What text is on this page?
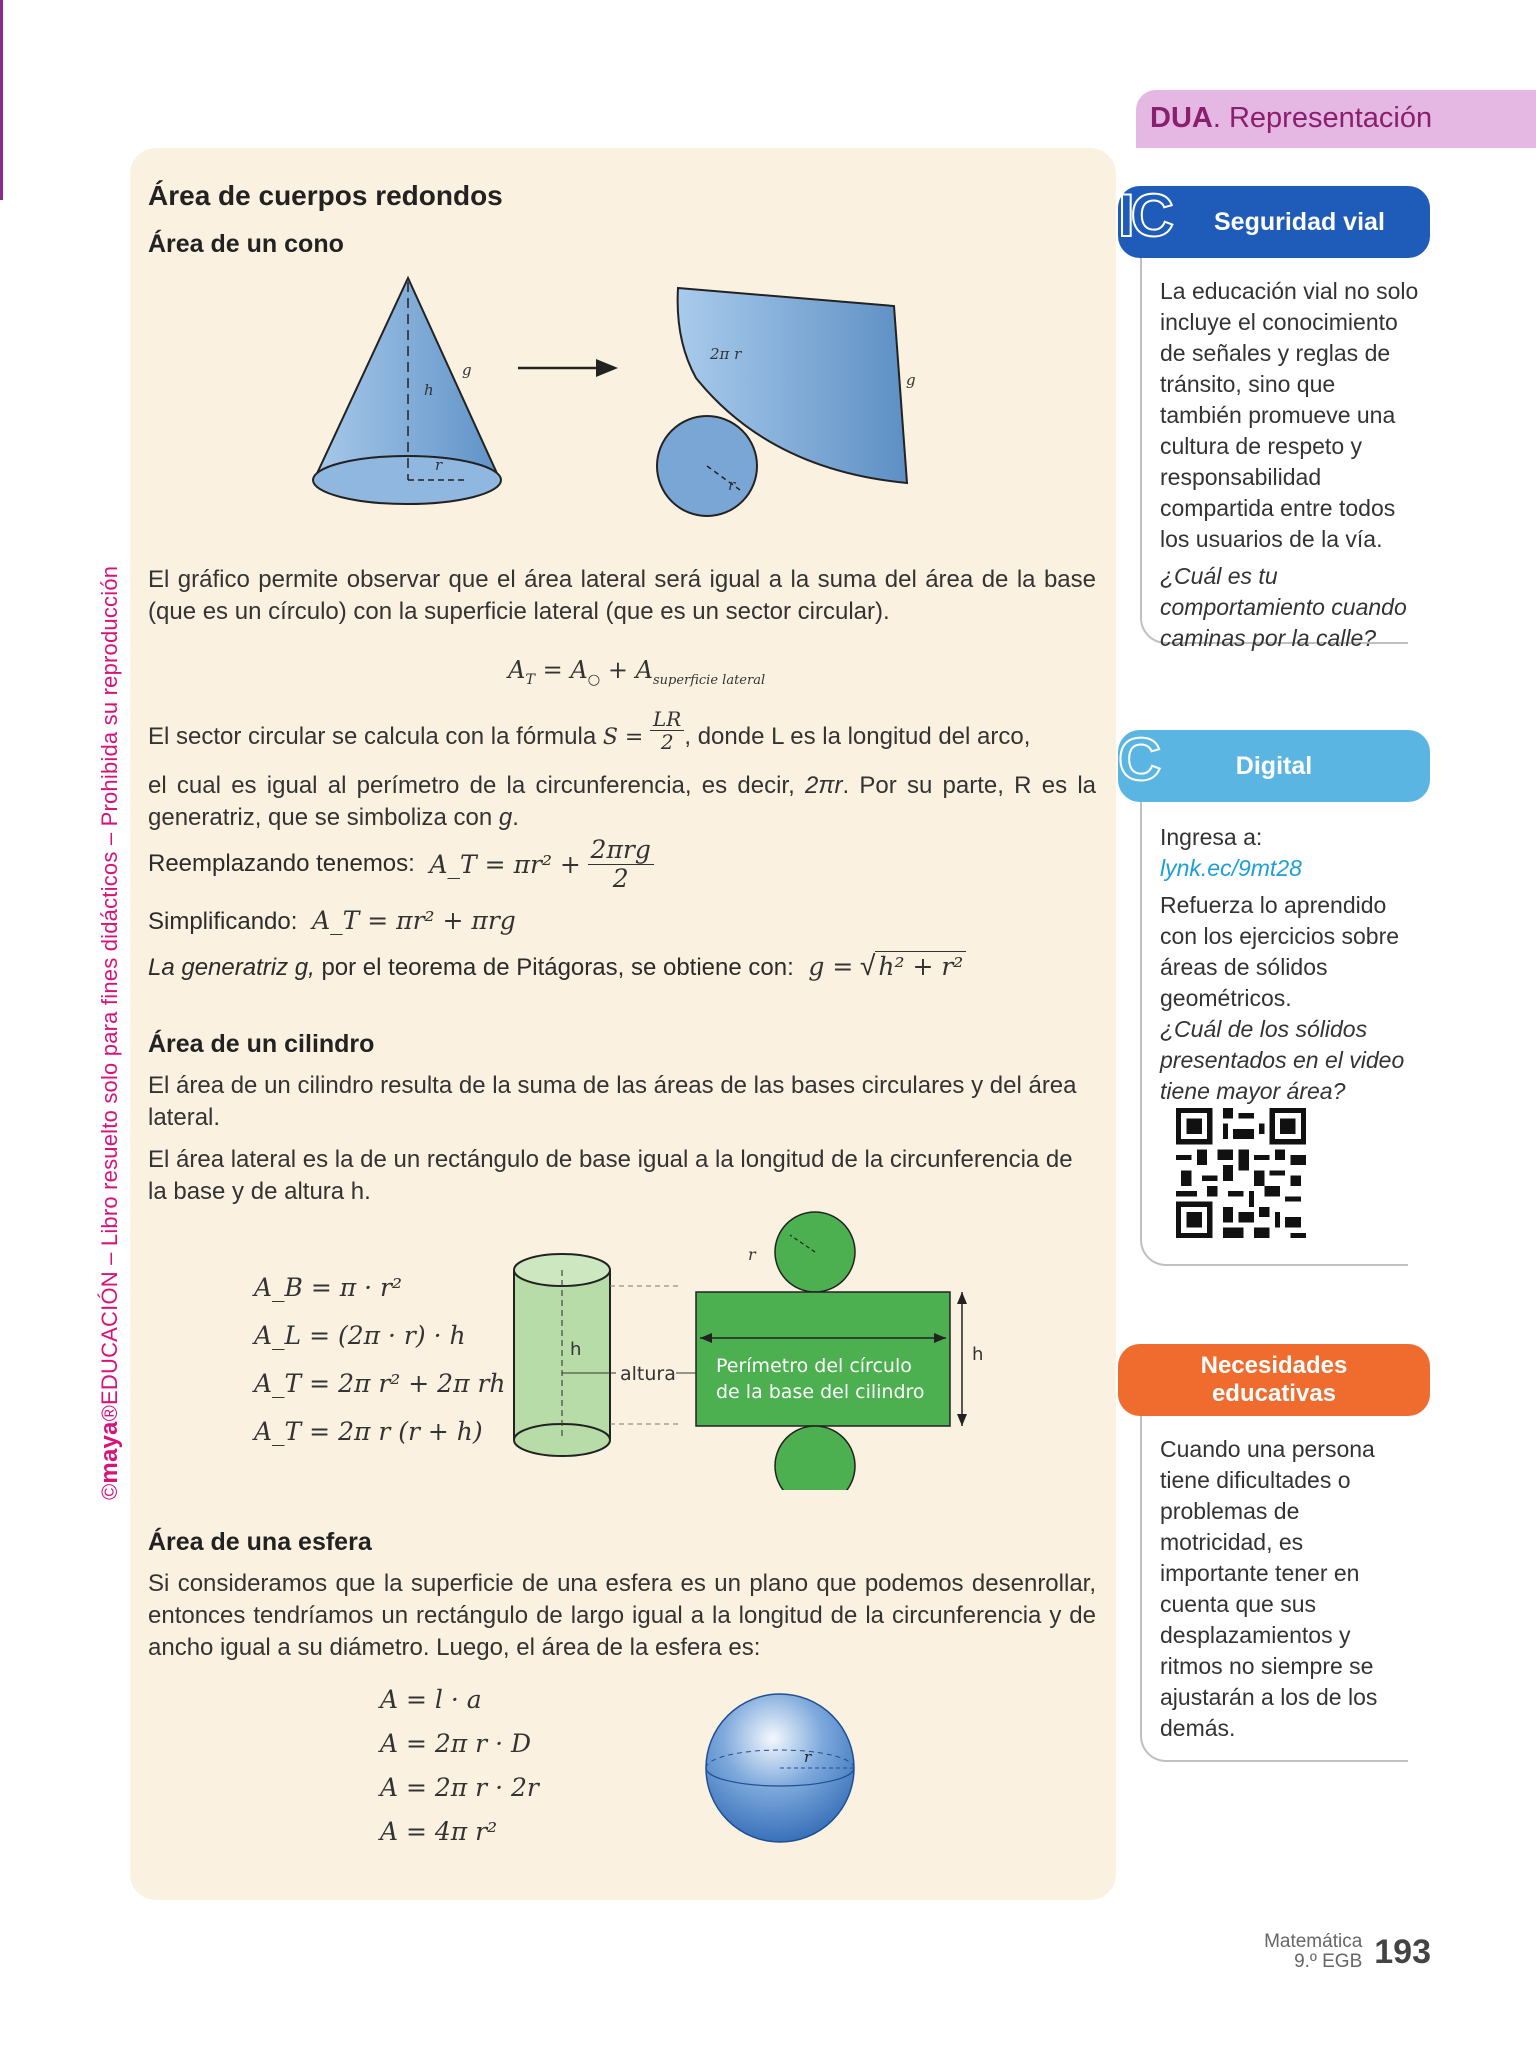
©maya®EDUCACIÓN – Libro resuelto solo para fines didácticos – Prohibida su reproducción
Área de cuerpos redondos
Área de un cono
g
h
r
2π r
g
r
El gráfico permite observar que el área lateral será igual a la suma del área de la base (que es un círculo) con la superficie lateral (que es un sector circular).
$A_T = A_○ + A_{superficie lateral}$
El sector circular se calcula con la fórmula $S = \frac{LR}{2}$ , donde L es la longitud del arco,
el cual es igual al perímetro de la circunferencia, es decir, 2πr. Por su parte, R es la generatriz, que se simboliza con g.
Reemplazando tenemos: A_T = $\pi r^2 + \frac{\text{2πrg}}{2}$
Simplificando: A_T = πr² + πrg
La generatriz g, por el teorema de Pitágoras, se obtiene con: g = √ h² + r²
Área de un cilindro
El área de un cilindro resulta de la suma de las áreas de las bases circulares y del área lateral.
El área lateral es la de un rectángulo de base igual a la longitud de la circunferencia de la base y de altura h.
A_B = π · r²
A_L = (2π · r) · h
A_T = 2π r² + 2π rh
A_T = 2π r (r + h)
h
r
Perímetro del círculo
de la base del cilindro
h
altura
Área de una esfera
Si consideramos que la superficie de una esfera es un plano que podemos desenrollar, entonces tendríamos un rectángulo de largo igual a la longitud de la circunferencia y de ancho igual a su diámetro. Luego, el área de la esfera es:
A = l · a
A = 2π r · D
A = 2π r · 2r
A = 4π r²
r
DUA. Representación
IC Seguridad vial
La educación vial no solo incluye el conocimiento de señales y reglas de tránsito, sino que también promueve una cultura de respeto y responsabilidad compartida entre todos los usuarios de la vía.
¿Cuál es tu comportamiento cuando caminas por la calle?
C	Digital
Ingresa a:
lynk.ec/9mt28
Refuerza lo aprendido con los ejercicios sobre áreas de sólidos geométricos.
¿Cuál de los sólidos presentados en el video tiene mayor área?
Necesidades
educativas
Cuando una persona tiene dificultades o problemas de motricidad, es importante tener en cuenta que sus desplazamientos y ritmos no siempre se ajustarán a los de los demás.
Matemática
9.º EGB 193
